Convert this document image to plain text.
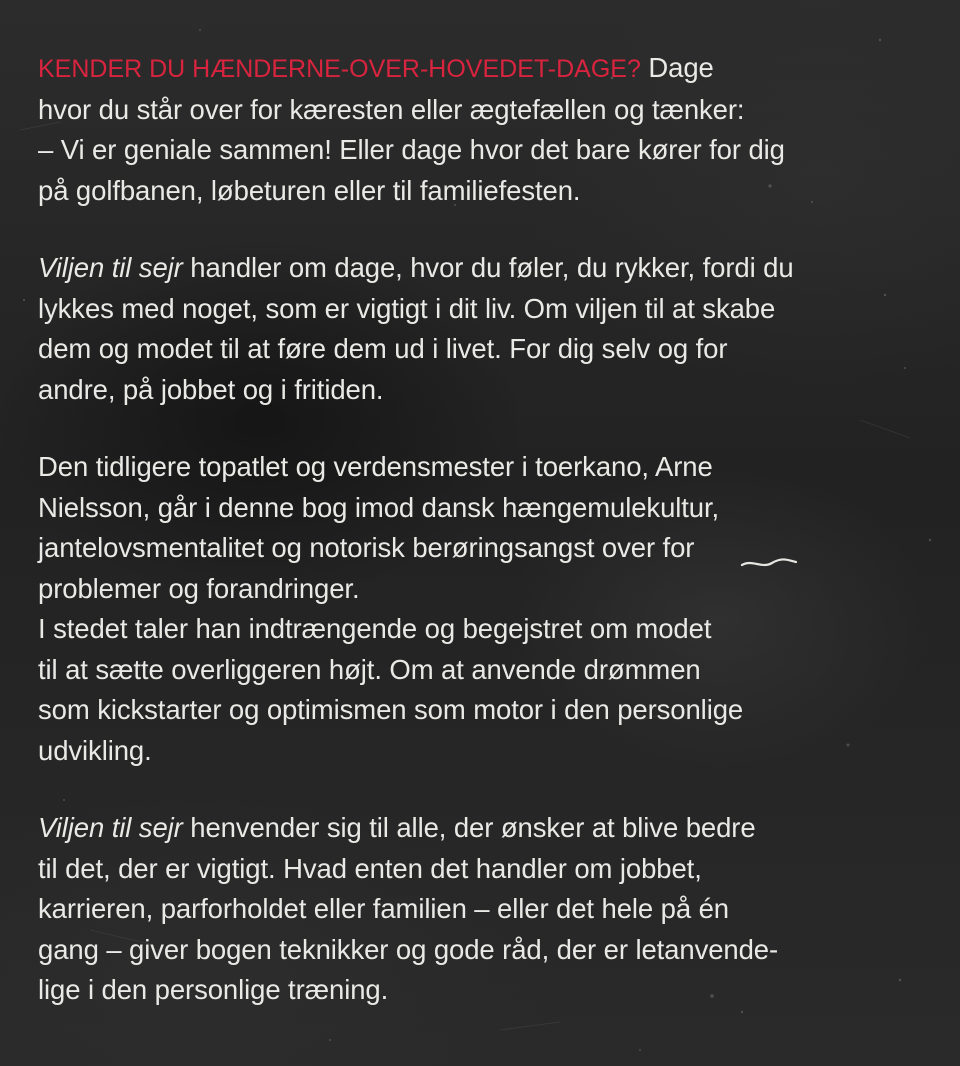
KENDER DU HÆNDERNE-OVER-HOVEDET-DAGE? Dage
hvor du står over for kæresten eller ægtefællen og tænker:
– Vi er geniale sammen! Eller dage hvor det bare kører for dig
på golfbanen, løbeturen eller til familiefesten.

Viljen til sejr handler om dage, hvor du føler, du rykker, fordi du
lykkes med noget, som er vigtigt i dit liv. Om viljen til at skabe
dem og modet til at føre dem ud i livet. For dig selv og for
andre, på jobbet og i fritiden.

Den tidligere topatlet og verdensmester i toerkano, Arne
Nielsson, går i denne bog imod dansk hængemulekultur,
jantelovsmentalitet og notorisk berøringsangst over for
problemer og forandringer.
I stedet taler han indtrængende og begejstret om modet
til at sætte overliggeren højt. Om at anvende drømmen
som kickstarter og optimismen som motor i den personlige
udvikling.

Viljen til sejr henvender sig til alle, der ønsker at blive bedre
til det, der er vigtigt. Hvad enten det handler om jobbet,
karrieren, parforholdet eller familien – eller det hele på én
gang – giver bogen teknikker og gode råd, der er letanvende-
lige i den personlige træning.
